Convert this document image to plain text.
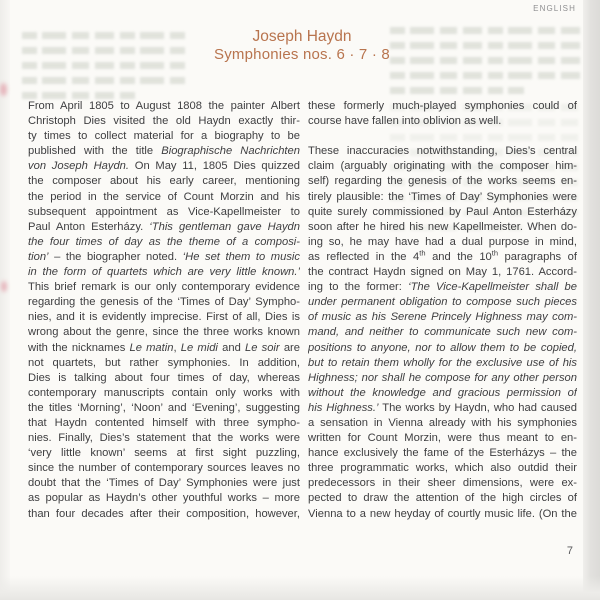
ENGLISH
Joseph Haydn
Symphonies nos. 6 · 7 · 8
From April 1805 to August 1808 the painter Albert
Christoph Dies visited the old Haydn exactly thir-
ty times to collect material for a biography to be
published with the title Biographische Nachrichten
von Joseph Haydn. On May 11, 1805 Dies quizzed
the composer about his early career, mentioning
the period in the service of Count Morzin and his
subsequent appointment as Vice-Kapellmeister to
Paul Anton Esterházy. ‘This gentleman gave Haydn
the four times of day as the theme of a composi-
tion’ – the biographer noted. ‘He set them to music
in the form of quartets which are very little known.’
This brief remark is our only contemporary evidence
regarding the genesis of the ‘Times of Day’ Sympho-
nies, and it is evidently imprecise. First of all, Dies is
wrong about the genre, since the three works known
with the nicknames Le matin, Le midi and Le soir are
not quartets, but rather symphonies. In addition,
Dies is talking about four times of day, whereas
contemporary manuscripts contain only works with
the titles ‘Morning’, ‘Noon’ and ‘Evening’, suggesting
that Haydn contented himself with three sympho-
nies. Finally, Dies’s statement that the works were
‘very little known’ seems at first sight puzzling,
since the number of contemporary sources leaves no
doubt that the ‘Times of Day’ Symphonies were just
as popular as Haydn’s other youthful works – more
than four decades after their composition, however,
these formerly much-played symphonies could of
course have fallen into oblivion as well.

These inaccuracies notwithstanding, Dies’s central
claim (arguably originating with the composer him-
self) regarding the genesis of the works seems en-
tirely plausible: the ‘Times of Day’ Symphonies were
quite surely commissioned by Paul Anton Esterházy
soon after he hired his new Kapellmeister. When do-
ing so, he may have had a dual purpose in mind,
as reflected in the 4th and the 10th paragraphs of
the contract Haydn signed on May 1, 1761. Accord-
ing to the former: ‘The Vice-Kapellmeister shall be
under permanent obligation to compose such pieces
of music as his Serene Princely Highness may com-
mand, and neither to communicate such new com-
positions to anyone, nor to allow them to be copied,
but to retain them wholly for the exclusive use of his
Highness; nor shall he compose for any other person
without the knowledge and gracious permission of
his Highness.’ The works by Haydn, who had caused
a sensation in Vienna already with his symphonies
written for Count Morzin, were thus meant to en-
hance exclusively the fame of the Esterházys – the
three programmatic works, which also outdid their
predecessors in their sheer dimensions, were ex-
pected to draw the attention of the high circles of
Vienna to a new heyday of courtly music life. (On the
7
